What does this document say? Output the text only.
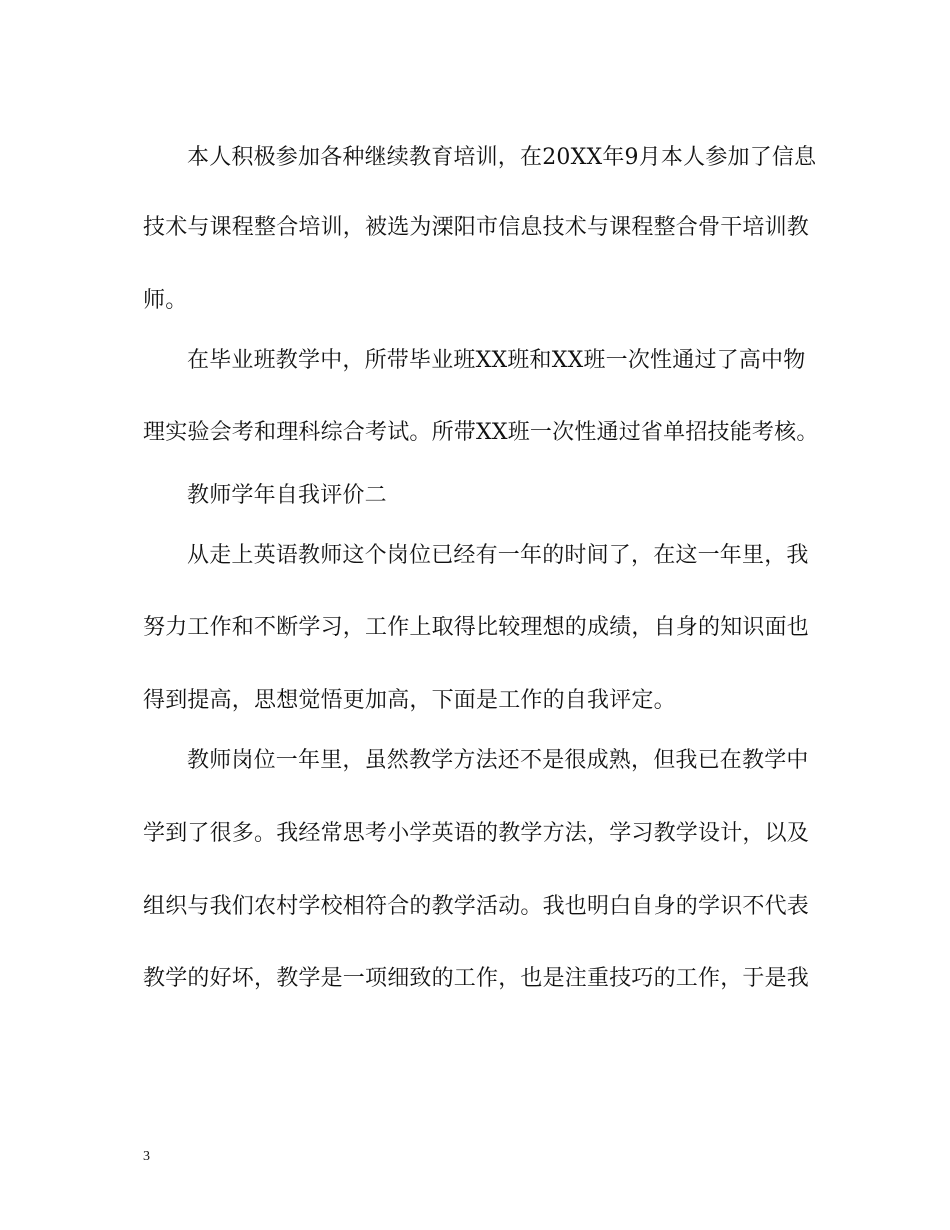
本人积极参加各种继续教育培训，在20XX年9月本人参加了信息
技术与课程整合培训，被选为溧阳市信息技术与课程整合骨干培训教
师。
在毕业班教学中，所带毕业班XX班和XX班一次性通过了高中物
理实验会考和理科综合考试。所带XX班一次性通过省单招技能考核。
教师学年自我评价二
从走上英语教师这个岗位已经有一年的时间了，在这一年里，我
努力工作和不断学习，工作上取得比较理想的成绩，自身的知识面也
得到提高，思想觉悟更加高，下面是工作的自我评定。
教师岗位一年里，虽然教学方法还不是很成熟，但我已在教学中
学到了很多。我经常思考小学英语的教学方法，学习教学设计，以及
组织与我们农村学校相符合的教学活动。我也明白自身的学识不代表
教学的好坏，教学是一项细致的工作，也是注重技巧的工作，于是我
3
